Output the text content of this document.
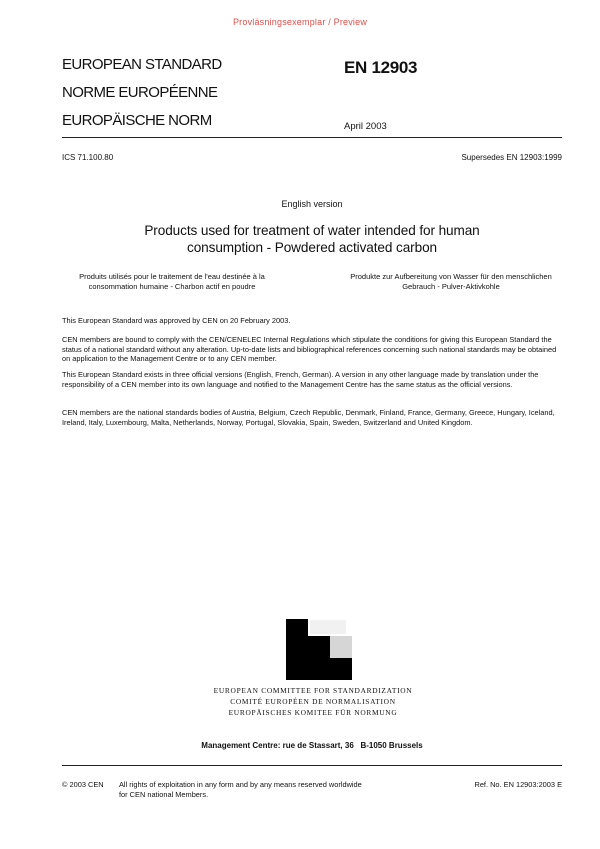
Provläsningsexemplar / Preview
EUROPEAN STANDARD
NORME EUROPÉENNE
EUROPÄISCHE NORM
EN 12903
April 2003
ICS 71.100.80	Supersedes EN 12903:1999
English version
Products used for treatment of water intended for human consumption - Powdered activated carbon
Produits utilisés pour le traitement de l'eau destinée à la consommation humaine - Charbon actif en poudre
Produkte zur Aufbereitung von Wasser für den menschlichen Gebrauch - Pulver-Aktivkohle
This European Standard was approved by CEN on 20 February 2003.
CEN members are bound to comply with the CEN/CENELEC Internal Regulations which stipulate the conditions for giving this European Standard the status of a national standard without any alteration. Up-to-date lists and bibliographical references concerning such national standards may be obtained on application to the Management Centre or to any CEN member.
This European Standard exists in three official versions (English, French, German). A version in any other language made by translation under the responsibility of a CEN member into its own language and notified to the Management Centre has the same status as the official versions.
CEN members are the national standards bodies of Austria, Belgium, Czech Republic, Denmark, Finland, France, Germany, Greece, Hungary, Iceland, Ireland, Italy, Luxembourg, Malta, Netherlands, Norway, Portugal, Slovakia, Spain, Sweden, Switzerland and United Kingdom.
EUROPEAN COMMITTEE FOR STANDARDIZATION
COMITÉ EUROPÉEN DE NORMALISATION
EUROPÄISCHES KOMITEE FÜR NORMUNG
Management Centre: rue de Stassart, 36 B-1050 Brussels
© 2003 CEN All rights of exploitation in any form and by any means reserved worldwide for CEN national Members.
Ref. No. EN 12903:2003 E
